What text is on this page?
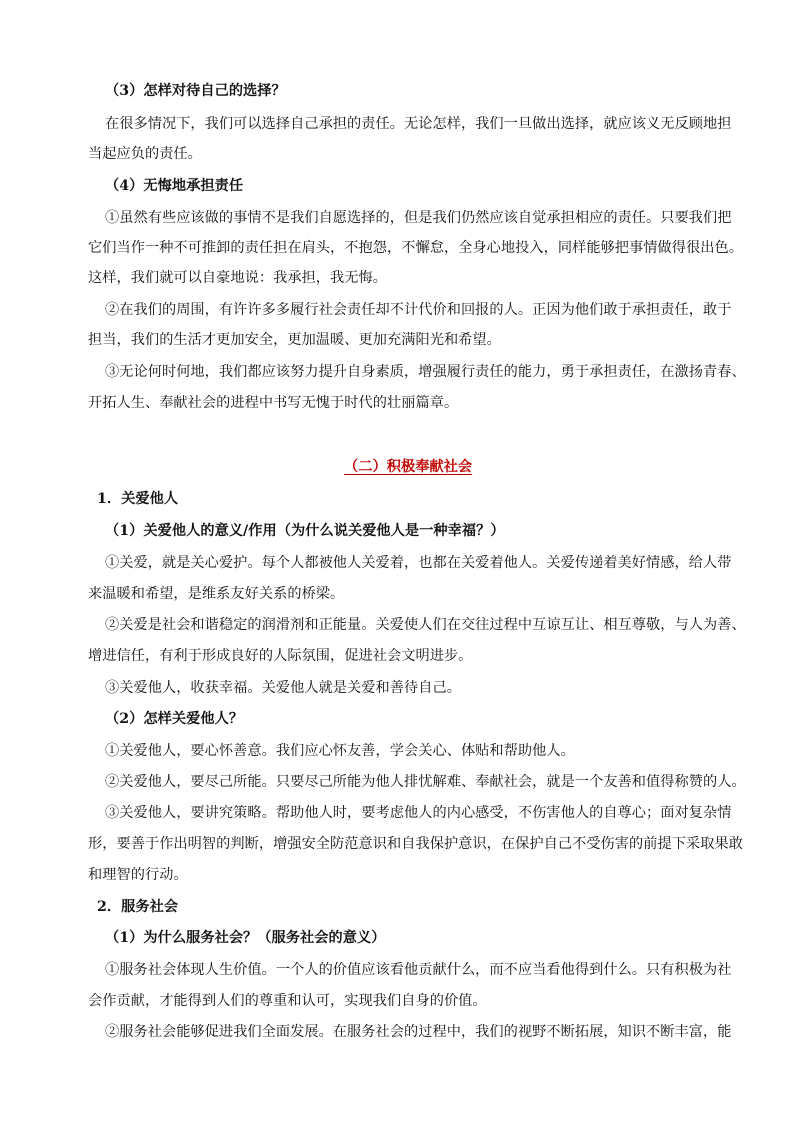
（3）怎样对待自己的选择？
在很多情况下，我们可以选择自己承担的责任。无论怎样，我们一旦做出选择，就应该义无反顾地担
当起应负的责任。
（4）无悔地承担责任
①虽然有些应该做的事情不是我们自愿选择的，但是我们仍然应该自觉承担相应的责任。只要我们把
它们当作一种不可推卸的责任担在肩头，不抱怨，不懈怠，全身心地投入，同样能够把事情做得很出色。
这样，我们就可以自豪地说：我承担，我无悔。
②在我们的周围，有许许多多履行社会责任却不计代价和回报的人。正因为他们敢于承担责任，敢于
担当，我们的生活才更加安全，更加温暖、更加充满阳光和希望。
③无论何时何地，我们都应该努力提升自身素质，增强履行责任的能力，勇于承担责任，在激扬青春、
开拓人生、奉献社会的进程中书写无愧于时代的壮丽篇章。
（二）积极奉献社会
1．关爱他人
（1）关爱他人的意义/作用（为什么说关爱他人是一种幸福？）
①关爱，就是关心爱护。每个人都被他人关爱着，也都在关爱着他人。关爱传递着美好情感，给人带
来温暖和希望，是维系友好关系的桥梁。
②关爱是社会和谐稳定的润滑剂和正能量。关爱使人们在交往过程中互谅互让、相互尊敬，与人为善、
增进信任，有利于形成良好的人际氛围，促进社会文明进步。
③关爱他人，收获幸福。关爱他人就是关爱和善待自己。
（2）怎样关爱他人？
①关爱他人，要心怀善意。我们应心怀友善，学会关心、体贴和帮助他人。
②关爱他人，要尽己所能。只要尽己所能为他人排忧解难、奉献社会，就是一个友善和值得称赞的人。
③关爱他人，要讲究策略。帮助他人时，要考虑他人的内心感受，不伤害他人的自尊心；面对复杂情
形，要善于作出明智的判断，增强安全防范意识和自我保护意识，在保护自己不受伤害的前提下采取果敢
和理智的行动。
2．服务社会
（1）为什么服务社会？（服务社会的意义）
①服务社会体现人生价值。一个人的价值应该看他贡献什么，而不应当看他得到什么。只有积极为社
会作贡献，才能得到人们的尊重和认可，实现我们自身的价值。
②服务社会能够促进我们全面发展。在服务社会的过程中，我们的视野不断拓展，知识不断丰富，能
